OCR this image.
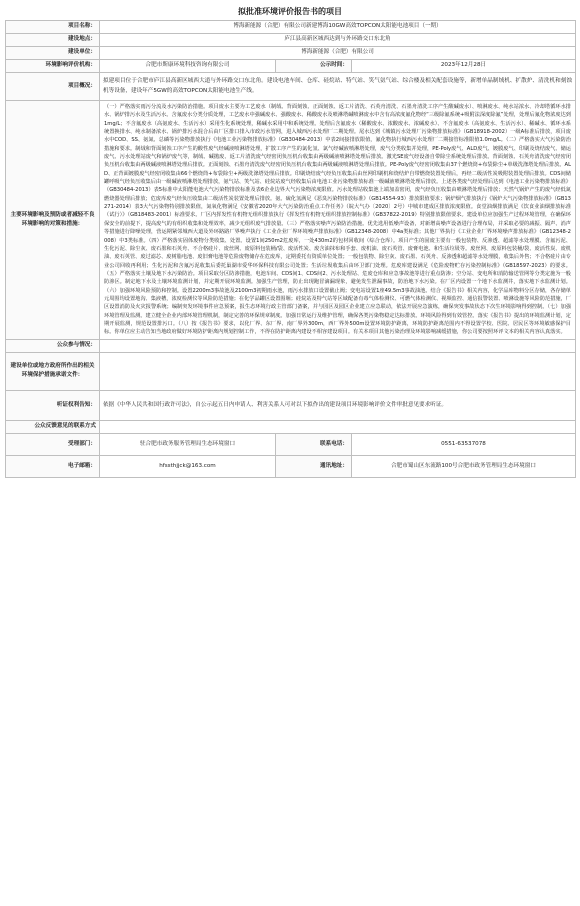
拟批准环境评价报告书的项目
项目名称：	博海新能源（合肥）有限公司新建博海10GW高效TOPCON太阳能电池项目（一期）		
建设地点：	庐江县高新区城西达到与外环路交口东北角		
建设单位：	博海新能源（合肥）有限公司		
环境影响评价机构：	合肥市斯康环境科技咨询有限公司	公示时间：	2023年12月28日
项目概况：	拟建项目位于合肥市庐江县高新区城西大道与外环路交口东北角。建设电池车间、仓库、硅烷站、特气站、笑气氨气站、综合楼及相关配套设施等，新增单晶制绒机、扩散炉、清洗机和刻蚀机等设备，建设年产5GW的高效TOPCON太阳能电池生产线。		
主要环境影响及预防或者减轻不良环境影响的对策和措施：	（一）严格落实雨污分流及水污染防治措施。项目废水主要为工艺废水（制绒、背面刻蚀、正面刻蚀、返工片清洗、石英舟清洗、石墨舟清洗工序产生酸碱废水）、喷淋废水、纯水站浓水、冷却塔循环水排水、锅炉排污水及生活污水。含氟废水分类分质处理，工艺废水中强碱废水、强酸废水、稀酸废水及喷淋塔碱喷淋废水中含有高浓度氟化物经“三级除氟系统+吸附法深度除氟”处理，处理后氟化物浓度达到1mg/L；不含氟废水（高氨废水、生活污水）采用生化系统处理，稀碱水采用中和系统处理。处理后含氟废水（稀酸废水、浓酸废水、浓碱废水）、不含氟废水（高氨废水、生活污水）、稀碱水、循环水系统置换排水、纯水制备浓水、锅炉排污水混合后由厂区排口排入市政污水管网，进入城西污水处理厂二期处理。尾水达到《城镇污水处理厂污染物排放标准》（GB18918-2002）一级A标准后排放，项目废水中COD、SS、氨氮、总磷等污染物排放执行《电池工业污染物排放标准》（GB30484-2013）中表2间接排放限值，氟化物执行城西污水处理厂二期接管标准限值1.0mg/L。（二）严格落实大气污染防治措施和要求。制绒和背面刻蚀工序产生的酸性废气经碱液喷淋塔处理，扩散工序产生的氯化氢、氯气经碱液喷淋塔处理，废气分类收集并处理，PE-Poly废气、ALD废气、镀膜废气、印刷及烧结废气、储运废气、污水处理站废气和锅炉废气等，制绒、碱抛废、返工片清洗废气经密闭负压机台收集由两级碱液喷淋塔处理后排放。激光SE废气经设备自带除尘系统处理后排放。背面刻蚀、石英舟清洗废气经密闭负压机台收集由两级碱液喷淋塔处理后排放。正面刻蚀、石墨舟清洗废气经密闭负压机台收集由两级碱液喷淋塔处理后排放。PE-Poly废气经密闭收集由37个燃烧筒+布袋除尘+单级洗涤塔处理后排放。ALD、正背面镀膜废气经密闭收集由66个燃烧筒+布袋除尘+两级洗涤塔处理后排放。印刷烧结废气经负压收集后由丝网印刷机和烧结炉自带燃烧装置处理后，再经二级活性炭吸附装置处理后排放。CDS间储罐呼吸气经负压收集后由一级碱液喷淋塔处理排放，氨气站、笑气站、硅烷站废气经收集后由电池工业污染物排放标准一级碱液喷淋塔处理后排放。上述各类废气经处理后达到《电池工业污染物排放标准》（GB30484-2013）表5标准中太阳能电池大气污染物排放标准及表6企业边界大气污染物浓度限值。污水处理站收集池上端加盖密闭，废气经负压收集由喷淋塔处理后排放；天然气锅炉产生的废气经低氮燃烧器处理后排放；危废库废气经负压收集由二级活性炭装置处理后排放。氨、硫化氢满足《恶臭污染物排放标准》（GB14554-93）排放限值要求；锅炉烟气排放执行《锅炉大气污染物排放标准》（GB13271-2014）表3大气污染物特别排放限值，氮氧化物满足《安徽省2020年大气污染防治重点工作任务》（皖大气办〔2020〕2号）中城市建成区排放浓度限值。食堂油烟排放满足《饮食业油烟排放标准（试行）》（GB18483-2001）标准要求。厂区内挥发性有机物无组织排放执行《挥发性有机物无组织排放控制标准》（GB37822-2019）特别排放限值要求。建设单位应加强生产过程环境管理，在确保环保安全的前提下，提高废气的有组织收集和处理效率，减少无组织废气排放量。（三）严格落实噪声污染防治措施。优先选用低噪声设备，对新增高噪声设备进行合理布局，并采取必要的减振、隔声、消声等措施进行降噪处理，营运期紧邻城西大道及外环路路厂界噪声执行《工业企业厂界环境噪声排放标准》（GB12348-2008）中4a类标准；其他厂界执行《工业企业厂界环境噪声排放标准》（GB12348-2008）中3类标准。（四）严格落实固体废物分类收集、处置。设置1间250m2危废库，一处430m2的包材回收间（综合仓库）。项目产生的固废主要有一般包装物、反渗透、超滤等水处理膜、含氟污泥、生化污泥、除尘灰、废石墨和石英舟、不合格硅片、废丝网、废原料包装桶/袋、废活性炭、废含油抹布和手套、废机油、废石英管、废膏电池、和生活垃圾等。废丝网、废原料包装桶/袋、废活性炭、废机油、废石英管、废过滤芯、废树脂电池、废旧膏电池等危险废物储存在危废库，定期委托有资质单位处置；一般包装物、除尘灰、废石墨、石英舟、反渗透和超滤等水处理膜，收集后外售；不合格硅片由专业公司回收再利用；生化污泥和含氟污泥收集后委托巢湖市爱华环保科技有限公司处置；生活垃圾收集后由环卫部门处理。危废库建设满足《危险废物贮存污染控制标准》（GB18597-2023）的要求。（五）严格落实土壤及地下水污染防治。项目采取分区防渗措施，电池车间、CDS间1、CDS间2、污水处理站、危废仓库和应急事故池等进行重点防渗；空分站、变电所和消防输送管网等分类定施为一般防渗区。制定地下水及土壤环境监测计划，并定期开展环境监测。加强生产管理，防止出现跑冒滴漏现象，避免发生泄漏事故，防治地下水污染。在厂区内设置一个地下水监测井，落实地下水监测计划。（六）加强环境风险预防和控制。设置2200m3事故池及2100m3初期雨水池，雨污水排放口设置截止阀；变电站设置1座49.5m3事故油池。结合《报告书》相关内容，化学品库物料分区存储，各存储单元周围均设置地沟、集液槽，浓度检测仪等风险防范措施；在化学品罐区设置围堰；硅烷站及特气站等区域配备有毒气体检测仪、可燃气体检测仪、视频监控、通信报警装置、喷淋设施等风险防范措施，厂区设置消防及火灾报警系统；编制突发环境事件应急预案，报生态环境行政主管部门备案，并与园区及园区企业建立应急联动，依法开展应急演练，确保突发事故状态下次生环境影响得到控制。（七）加强环境管理及监测。建立健全企业内部环境管理机制，制定完善的环保规章制度。加强日常运行及维护管理，确保各类污染物稳定达标排放。环境风险得到有效管控。落实《报告书》提出的环境监测计划，定期开展监测，规范设置排污口。（八）按《报告书》要求，以化厂界、东厂界、南厂界外300m，西厂界外500m设置环境防护距离，环境防护距离范围内不得设置学校、医院、居民区等环境敏感保护目标。你单位应主动告知当地政府做好环境防护距离内规划控制工作，不得在防护距离内建设不相容建设项目。有关本项目其他污染治理及环境影响减缓措施，你公司要按照环评文本的相关内容认真落实。		
公众参与情况：			
建设单位或地方政府所作出的相关环境保护措施承诺文件：			
听证权利告知：	依据《中华人民共和国行政许可法》，自公示起五日内申请人、利害关系人可对以下拟作出的建设项目环境影响评价文件审批意见要求听证。		
公众反馈意见的联系方式			
受理部门：	驻合肥市政务服务管理局生态环境窗口	联系电话：	0551-63537078
电子邮箱：	hfssthjjck@163.com	通讯地址：	合肥市蜀山区东流路100号合肥市政务管理局生态环境窗口
